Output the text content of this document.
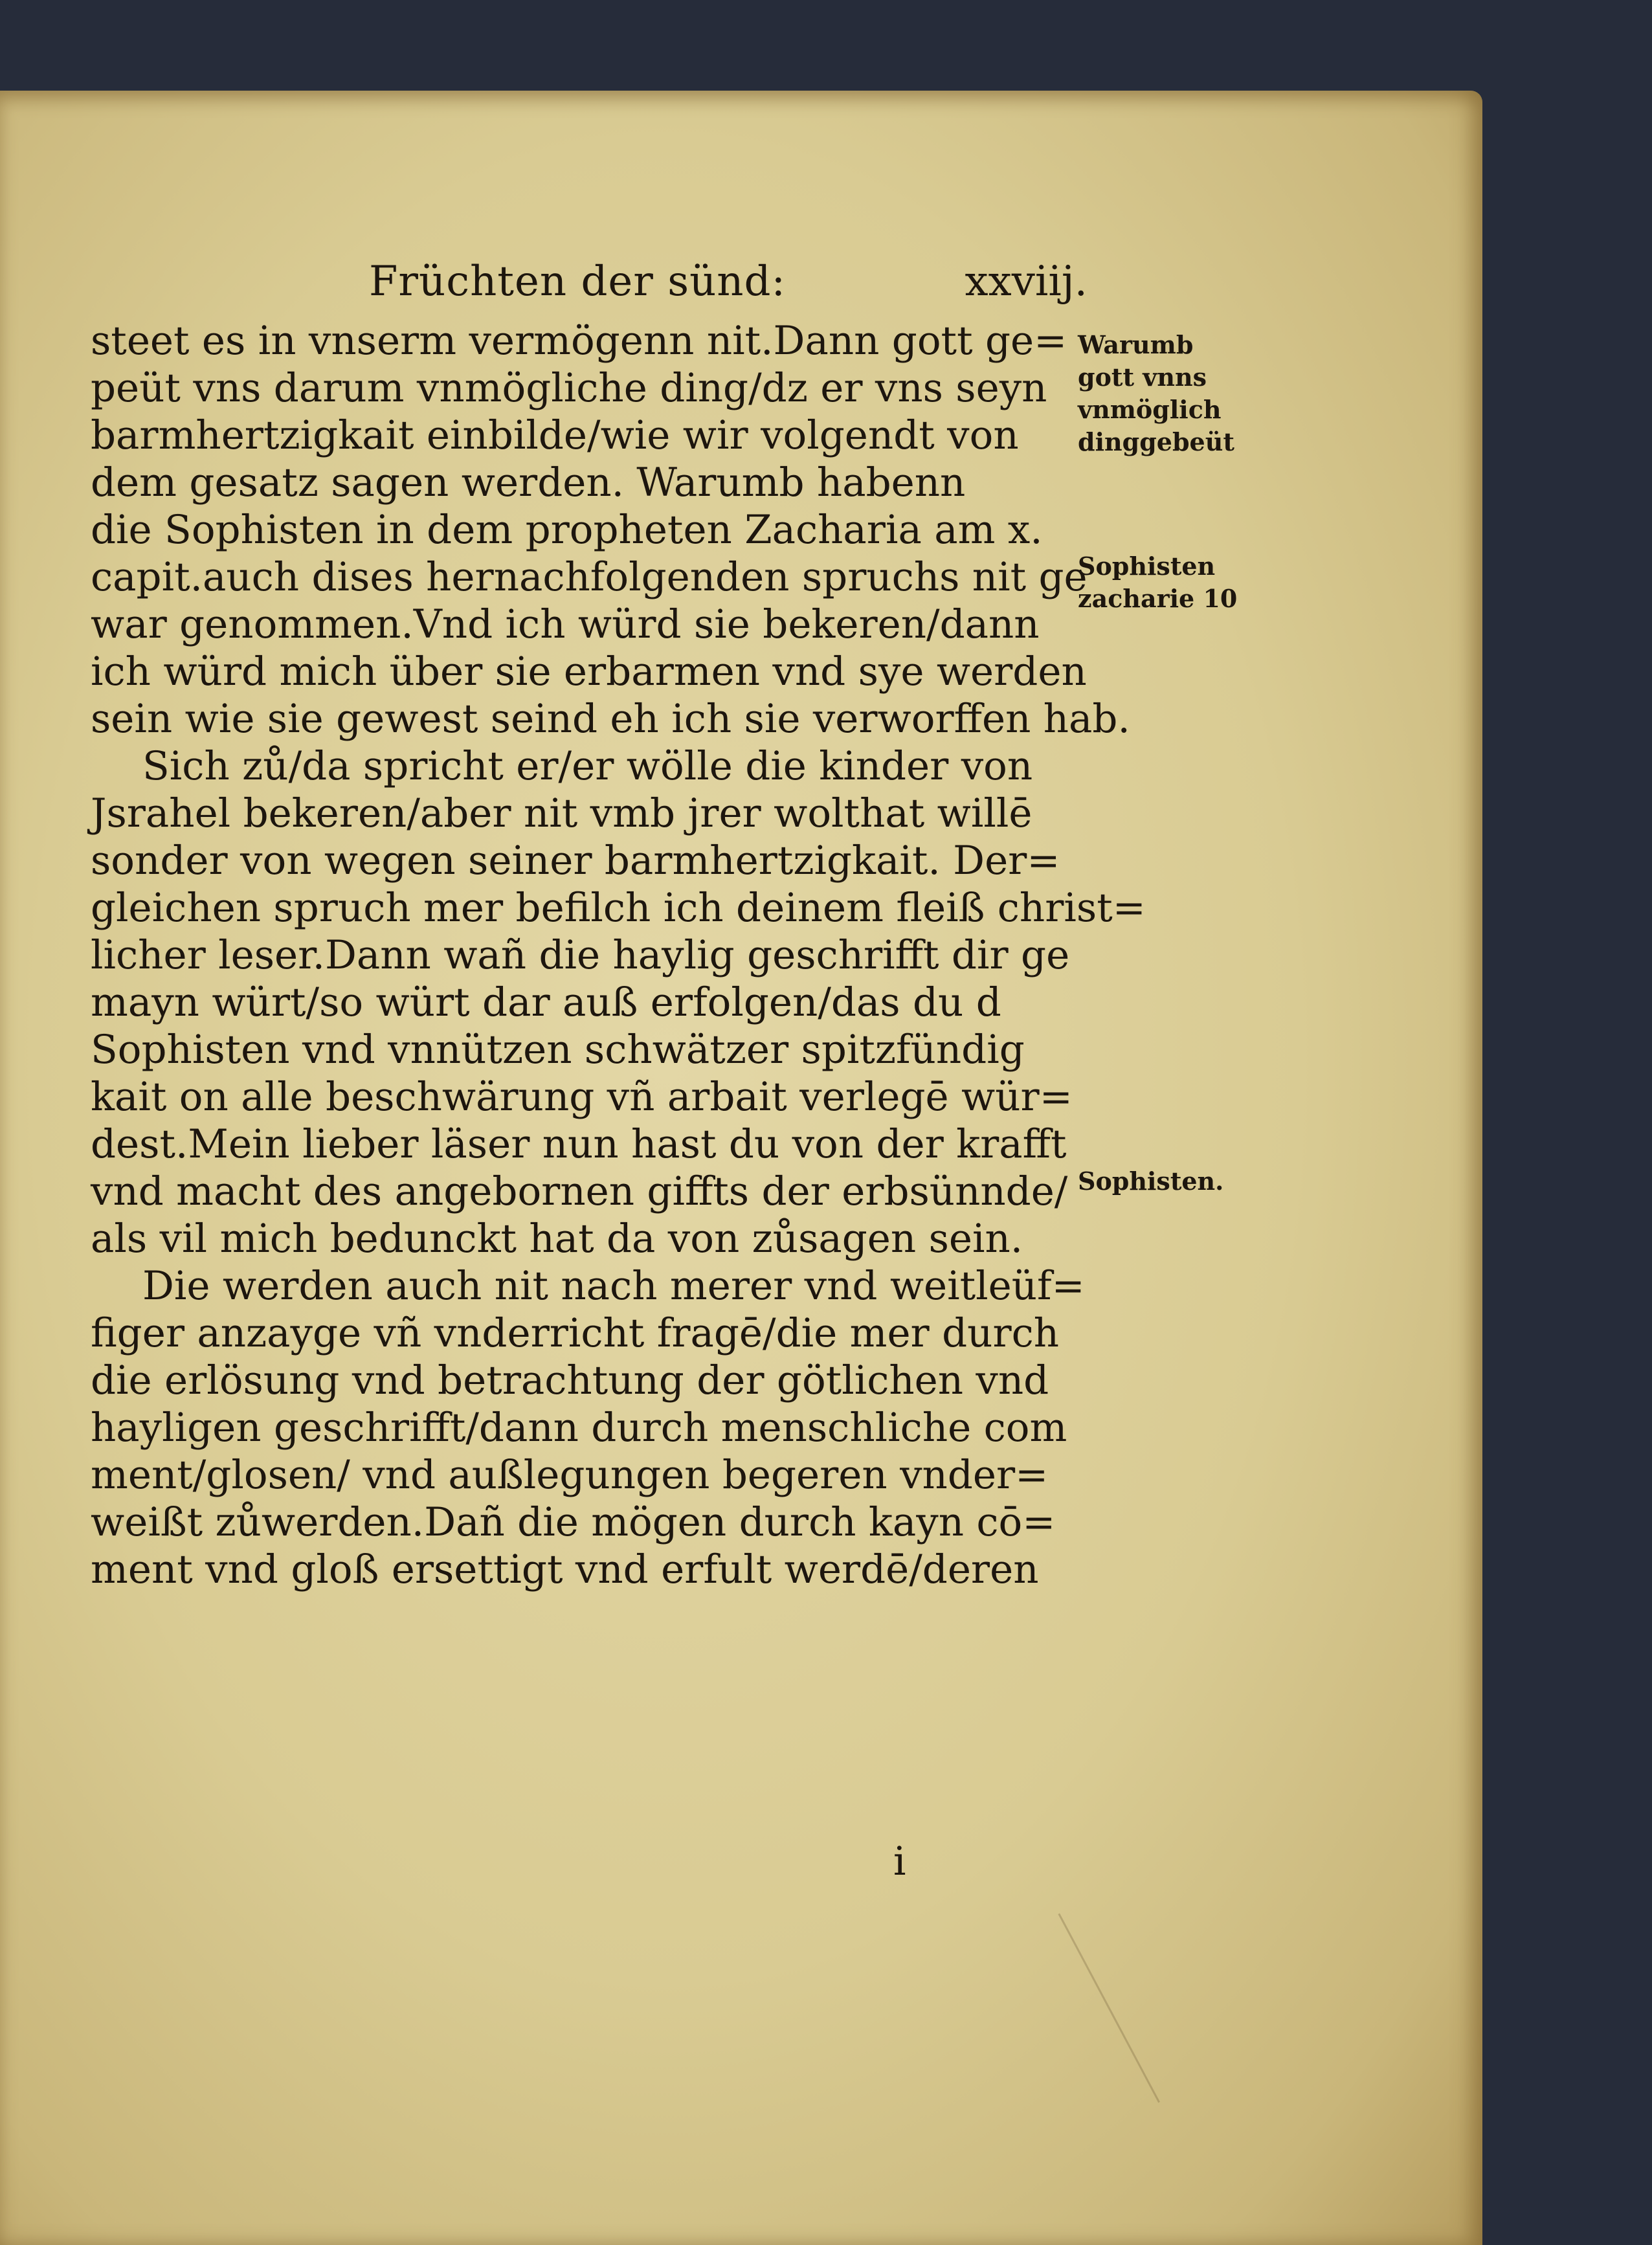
Früchten der sünd:	xxviij.
steet es in vnserm vermögenn nit.Dann gott ge=
peüt vns darum vnmögliche ding/dz er vns seyn
barmhertzigkait einbilde/wie wir volgendt von
dem gesatz sagen werden. Warumb habenn
die Sophisten in dem propheten Zacharia am x.
capit.auch dises hernachfolgenden spruchs nit ge
war genommen.Vnd ich würd sie bekeren/dann
ich würd mich über sie erbarmen vnd sye werden
sein wie sie gewest seind eh ich sie verworffen hab.
Sich zů/da spricht er/er wölle die kinder von
Jsrahel bekeren/aber nit vmb jrer wolthat willē
sonder von wegen seiner barmhertzigkait. Der=
gleichen spruch mer befilch ich deinem fleiß christ=
licher leser.Dann wañ die haylig geschrifft dir ge
mayn würt/so würt dar auß erfolgen/das du d
Sophisten vnd vnnützen schwätzer spitzfündig
kait on alle beschwärung vñ arbait verlegē wür=
dest.Mein lieber läser nun hast du von der krafft
vnd macht des angebornen giffts der erbsünnde/
als vil mich bedunckt hat da von zůsagen sein.
Die werden auch nit nach merer vnd weitleüf=
figer anzayge vñ vnderricht fragē/die mer durch
die erlösung vnd betrachtung der götlichen vnd
hayligen geschrifft/dann durch menschliche com
ment/glosen/ vnd außlegungen begeren vnder=
weißt zůwerden.Dañ die mögen durch kayn cō=
ment vnd gloß ersettigt vnd erfult werdē/deren
Warumb
gott vnns
vnmöglich
dinggebeüt
Sophisten
zacharie 10
Sophisten.
i
